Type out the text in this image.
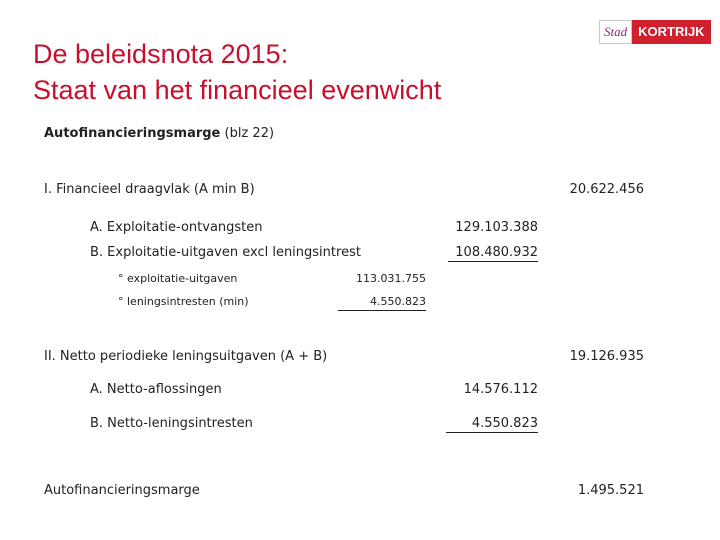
De beleidsnota 2015:
Staat van het financieel evenwicht
Stad KORTRIJK
Autofinancieringsmarge (blz 22)
I. Financieel draagvlak (A min B)	20.622.456
A. Exploitatie-ontvangsten	129.103.388
B. Exploitatie-uitgaven excl leningsintrest	108.480.932
° exploitatie-uitgaven	113.031.755
° leningsintresten (min)	4.550.823
II. Netto periodieke leningsuitgaven (A + B)	19.126.935
A. Netto-aflossingen	14.576.112
B. Netto-leningsintresten	4.550.823
Autofinancieringsmarge	1.495.521
